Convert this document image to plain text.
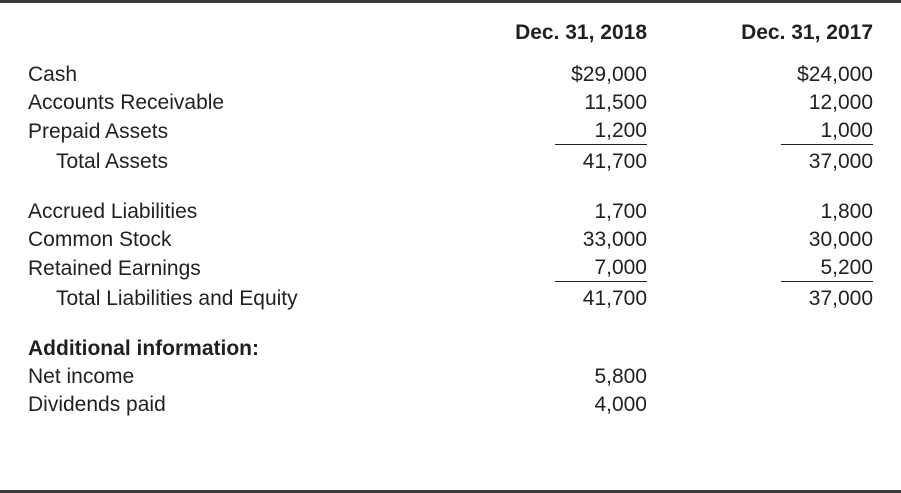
	Dec. 31, 2018	Dec. 31, 2017
Cash	$29,000	$24,000
Accounts Receivable	11,500	12,000
Prepaid Assets	1,200	1,000
Total Assets	41,700	37,000

Accrued Liabilities	1,700	1,800
Common Stock	33,000	30,000
Retained Earnings	7,000	5,200
Total Liabilities and Equity	41,700	37,000

Additional information:		
Net income	5,800	
Dividends paid	4,000	
